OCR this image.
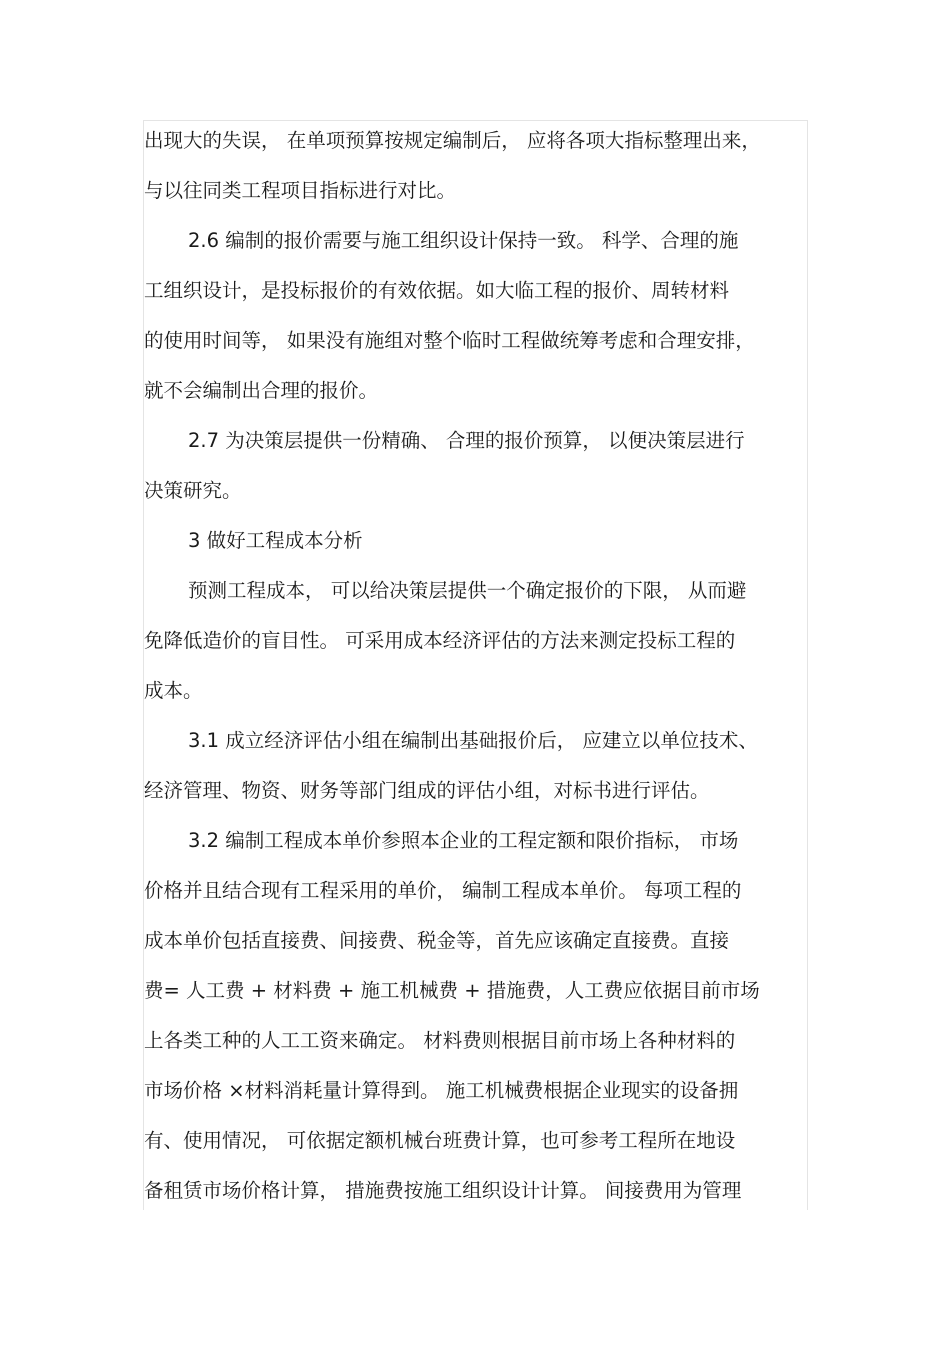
出现大的失误， 在单项预算按规定编制后， 应将各项大指标整理出来，
与以往同类工程项目指标进行对比。
2.6 编制的报价需要与施工组织设计保持一致。 科学、合理的施
工组织设计，是投标报价的有效依据。如大临工程的报价、周转材料
的使用时间等， 如果没有施组对整个临时工程做统筹考虑和合理安排，
就不会编制出合理的报价。
2.7 为决策层提供一份精确、 合理的报价预算， 以便决策层进行
决策研究。
3 做好工程成本分析
预测工程成本， 可以给决策层提供一个确定报价的下限， 从而避
免降低造价的盲目性。 可采用成本经济评估的方法来测定投标工程的
成本。
3.1 成立经济评估小组在编制出基础报价后， 应建立以单位技术、
经济管理、物资、财务等部门组成的评估小组，对标书进行评估。
3.2 编制工程成本单价参照本企业的工程定额和限价指标， 市场
价格并且结合现有工程采用的单价， 编制工程成本单价。 每项工程的
成本单价包括直接费、间接费、税金等，首先应该确定直接费。直接
费= 人工费 + 材料费 + 施工机械费 + 措施费，人工费应依据目前市场
上各类工种的人工工资来确定。 材料费则根据目前市场上各种材料的
市场价格 ×材料消耗量计算得到。 施工机械费根据企业现实的设备拥
有、使用情况， 可依据定额机械台班费计算，也可参考工程所在地设
备租赁市场价格计算， 措施费按施工组织设计计算。 间接费用为管理
